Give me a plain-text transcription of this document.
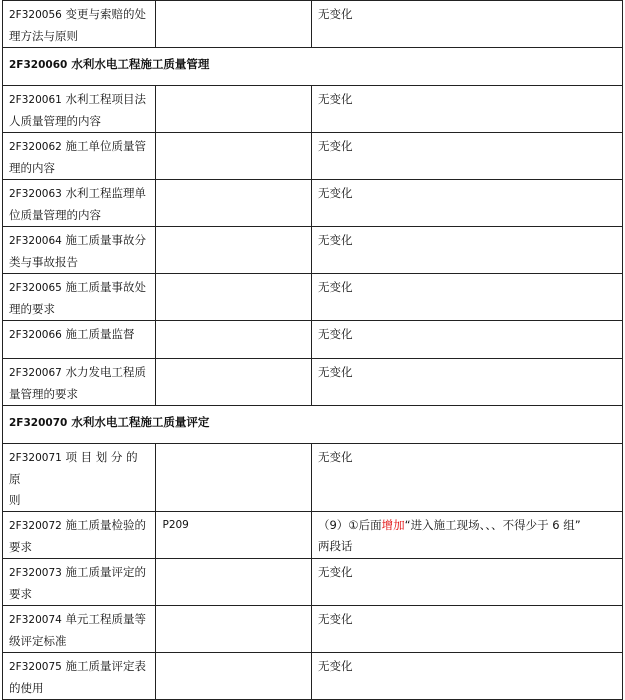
2F320056 变更与索赔的处
理方法与原则		无变化
2F320060 水利水电工程施工质量管理		
2F320061 水利工程项目法
人质量管理的内容		无变化
2F320062 施工单位质量管
理的内容		无变化
2F320063 水利工程监理单
位质量管理的内容		无变化
2F320064 施工质量事故分
类与事故报告		无变化
2F320065 施工质量事故处
理的要求		无变化
2F320066 施工质量监督		无变化
2F320067 水力发电工程质
量管理的要求		无变化
2F320070 水利水电工程施工质量评定		
2F320071 项 目 划 分 的 原
则		无变化
2F320072 施工质量检验的
要求	P209	（9）①后面增加“进入施工现场、、、不得少于 6 组”
两段话
2F320073 施工质量评定的
要求		无变化
2F320074 单元工程质量等
级评定标准		无变化
2F320075 施工质量评定表
的使用		无变化
